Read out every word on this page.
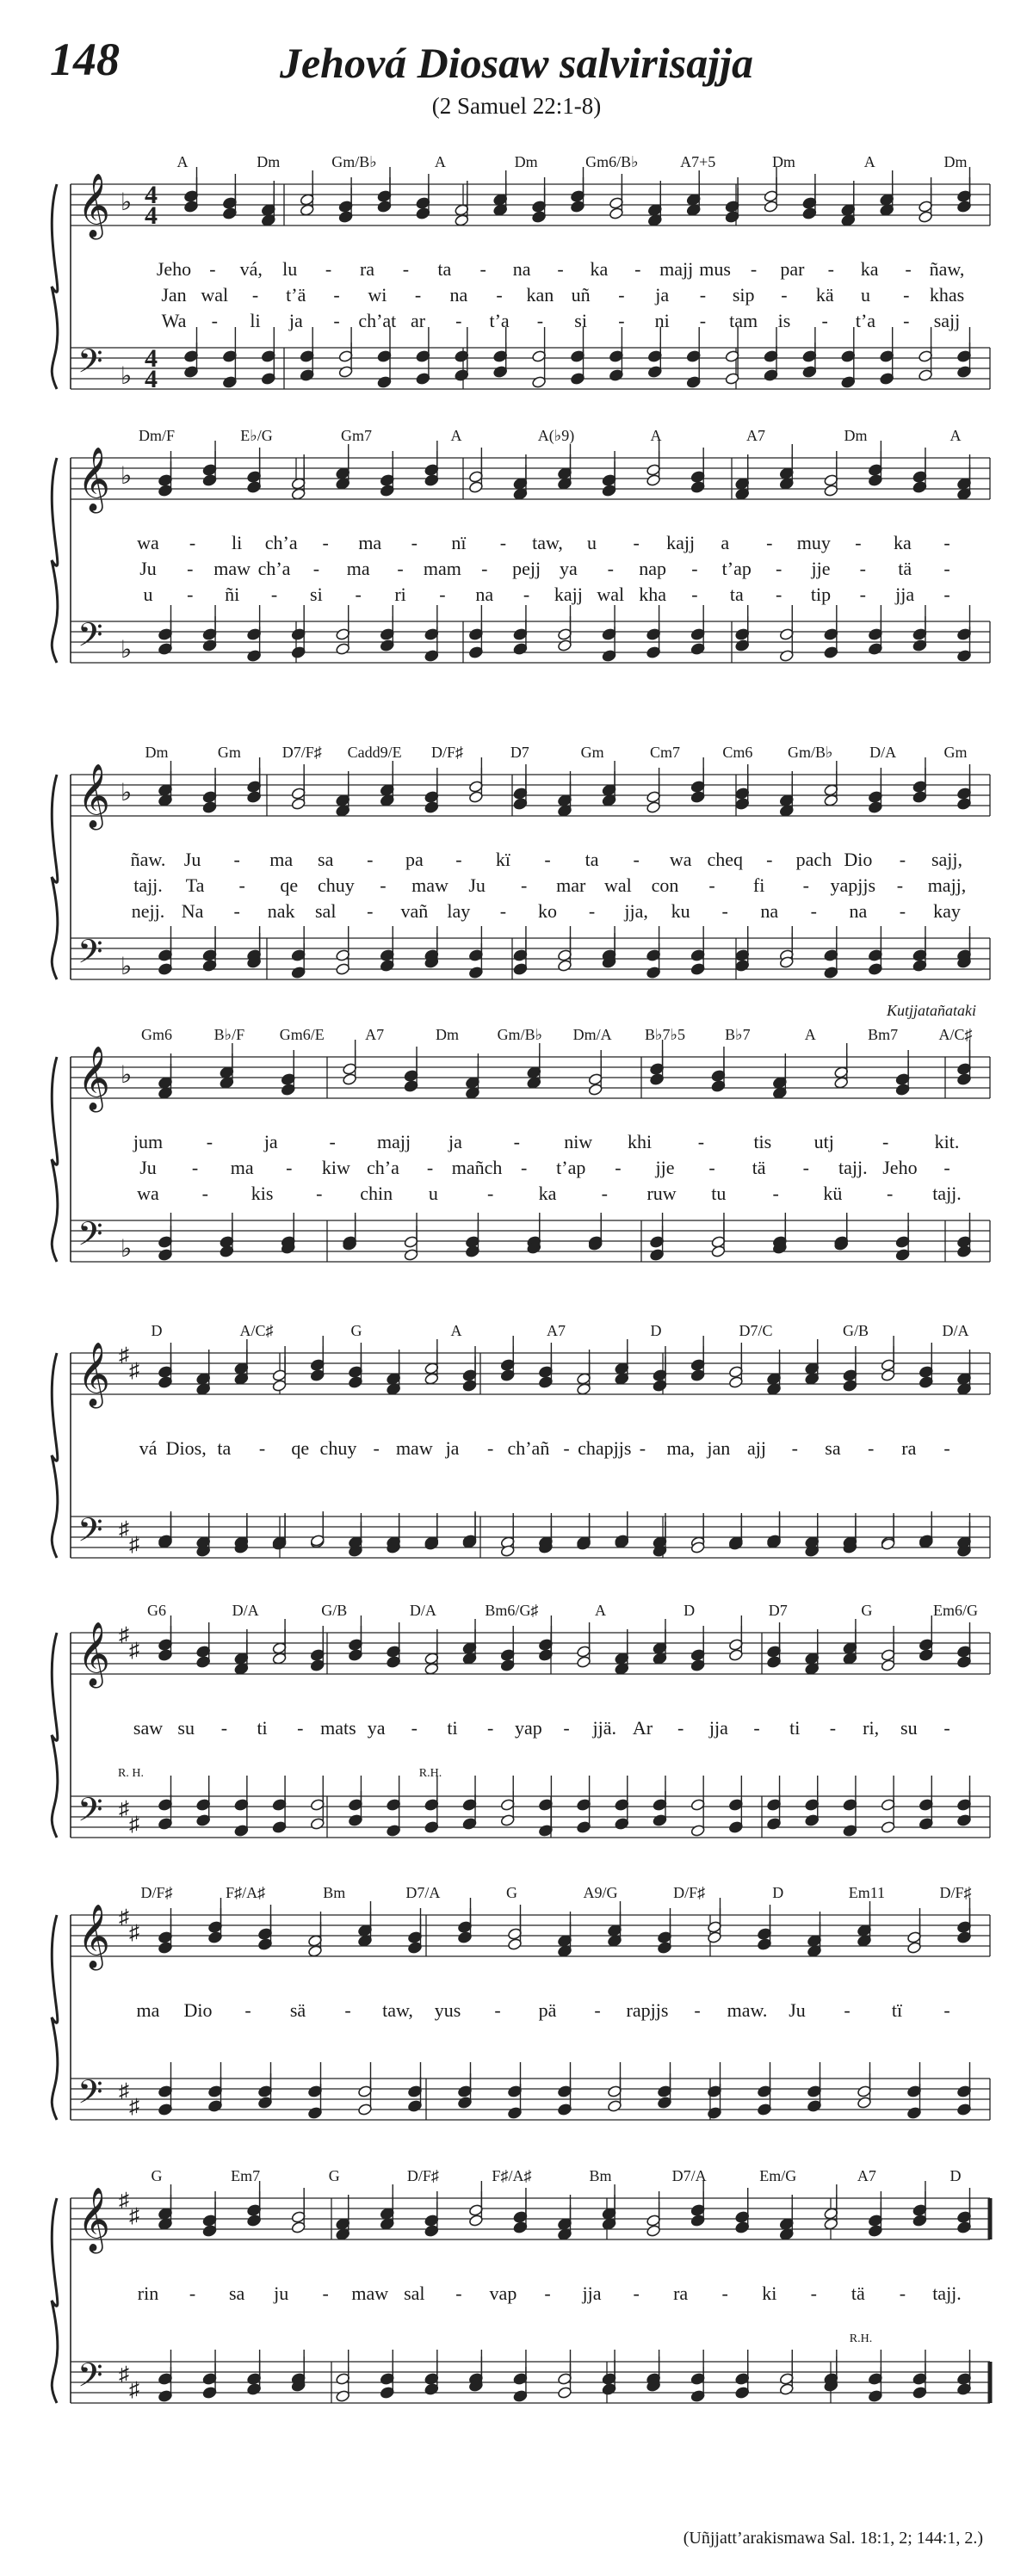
148	Jehová Diosaw salvirisajja
(2 Samuel 22:1-8)
𝄞
𝄢
♭
♭
4
4
4
4
𝄞
𝄢
♭
♭
𝄞
𝄢
♭
♭
𝄞
𝄢
♭
♭
𝄞
𝄢
♯
♯
♯
♯
𝄞
𝄢
♯
♯
♯
♯
𝄞
𝄢
♯
♯
♯
♯
𝄞
𝄢
♯
♯
♯
♯
A	Dm	Gm/B♭	A	Dm	Gm6/B♭	A7+5	Dm	A	Dm
Jeho - vá, lu - ra - ta - na - ka - majj mus - par - ka - ñaw,
Jan wal - t’ä - wi - na - kan uñ - ja - sip - kä u - khas
Wa - li ja - ch’at ar - t’a - si - ni - tam is - t’a - sajj
Dm/F	E♭/G	Gm7	A	A(♭9)	A	A7	Dm	A
wa - li ch’a - ma - nï - taw, u - kajj a - muy - ka -
Ju - maw ch’a - ma - mam - pejj ya - nap - t’ap - jje - tä -
u - ñi - si - ri - na - kajj wal kha - ta - tip - jja -
Dm	Gm	D7/F♯ Cadd9/E D/F♯	D7	Gm	Cm7	Cm6 Gm/B♭ D/A	Gm
ñaw. Ju - ma sa - pa - kï - ta - wa cheq - pach Dio - sajj,
tajj. Ta - qe chuy - maw Ju - mar wal con - fi - yapjjs - majj,
nejj. Na - nak sal - vañ lay - ko - jja, ku - na - na - kay
Gm6	B♭/F Gm6/E	A7	Dm Gm/B♭ Dm/A B♭7♭5	B♭7	A	Bm7	A/C♯
jum -	ja	- majj ja	- niw khi -	tis utj	- kit.
Ju - ma - kiw ch’a - mañch - t’ap - jje - tä - tajj. Jeho -
wa - kis - chin u	- ka - ruw tu - kü - tajj.
Kutjjatañataki
D	A/C♯	G	A	A7	D	D7/C	G/B	D/A
vá Dios, ta - qe chuy - maw ja - ch’añ - chapjjs - ma, jan ajj - sa - ra -
G6	D/A	G/B	D/A	Bm6/G♯	A	D	D7	G	Em6/G
saw su - ti - mats ya - ti - yap - jjä. Ar - jja - ti - ri, su -
R. H.	R.H.
D/F♯	F♯/A♯	Bm	D7/A	G	A9/G	D/F♯	D	Em11	D/F♯
ma Dio - sä - taw, yus - pä - rapjjs - maw. Ju - tï -
G	Em7	G	D/F♯	F♯/A♯	Bm	D7/A	Em/G	A7	D
rin - sa ju - maw sal - vap - jja - ra - ki - tä - tajj.
R.H.
(Uñjjatt’arakismawa Sal. 18:1, 2; 144:1, 2.)
